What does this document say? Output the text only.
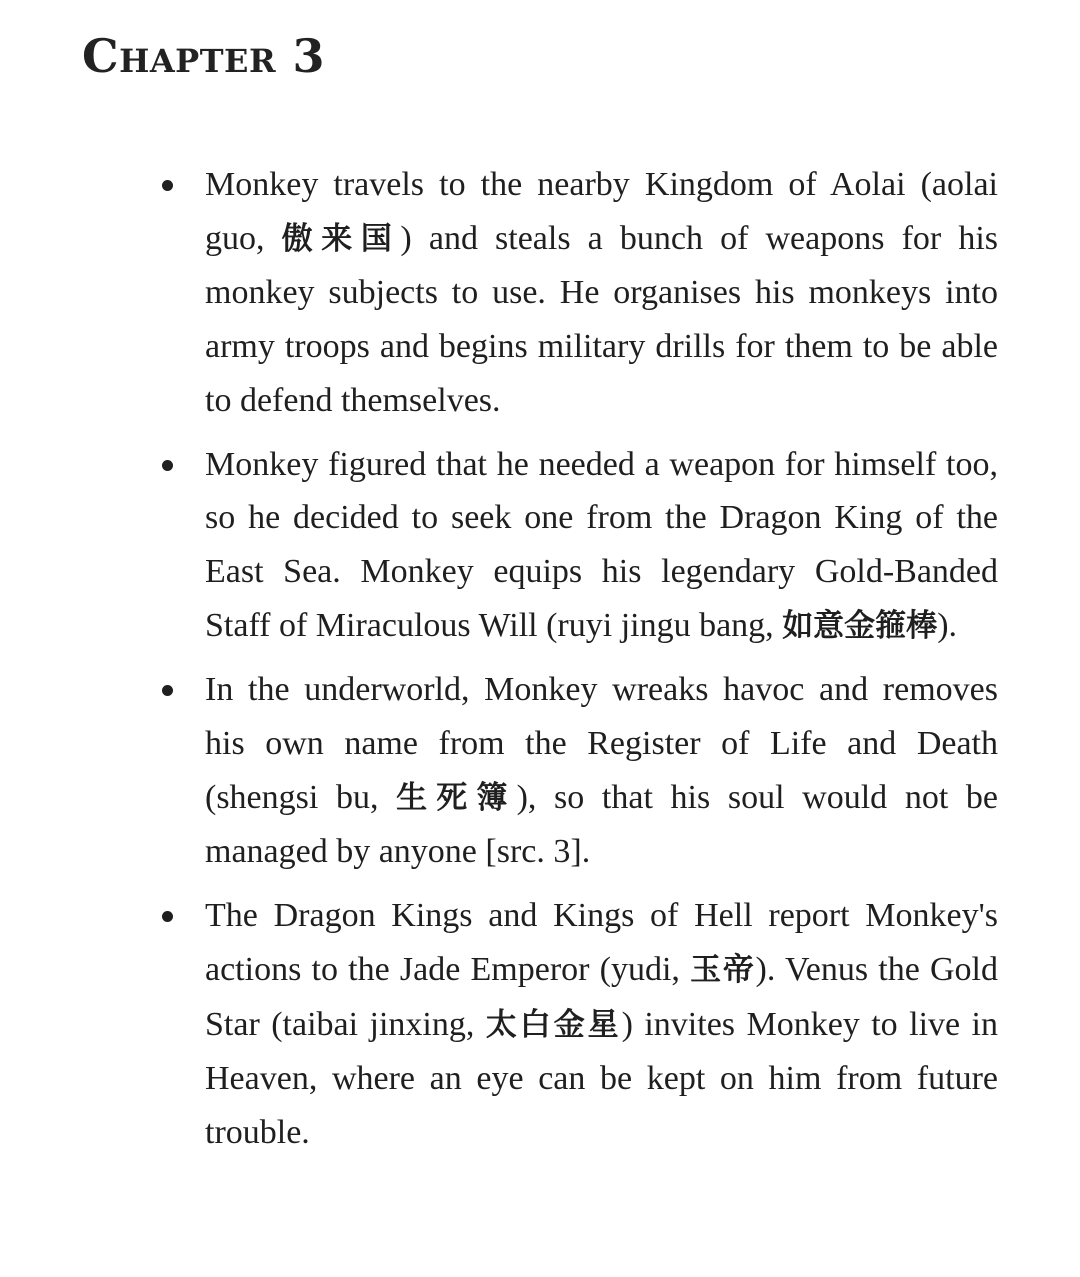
Chapter 3
Monkey travels to the nearby Kingdom of Aolai (aolai guo, 傲来国) and steals a bunch of weapons for his monkey subjects to use. He organises his monkeys into army troops and begins military drills for them to be able to defend themselves.
Monkey figured that he needed a weapon for himself too, so he decided to seek one from the Dragon King of the East Sea. Monkey equips his legendary Gold-Banded Staff of Miraculous Will (ruyi jingu bang, 如意金箍棒).
In the underworld, Monkey wreaks havoc and removes his own name from the Register of Life and Death (shengsi bu, 生死簿), so that his soul would not be managed by anyone [src. 3].
The Dragon Kings and Kings of Hell report Monkey's actions to the Jade Emperor (yudi, 玉帝). Venus the Gold Star (taibai jinxing, 太白金星) invites Monkey to live in Heaven, where an eye can be kept on him from future trouble.
